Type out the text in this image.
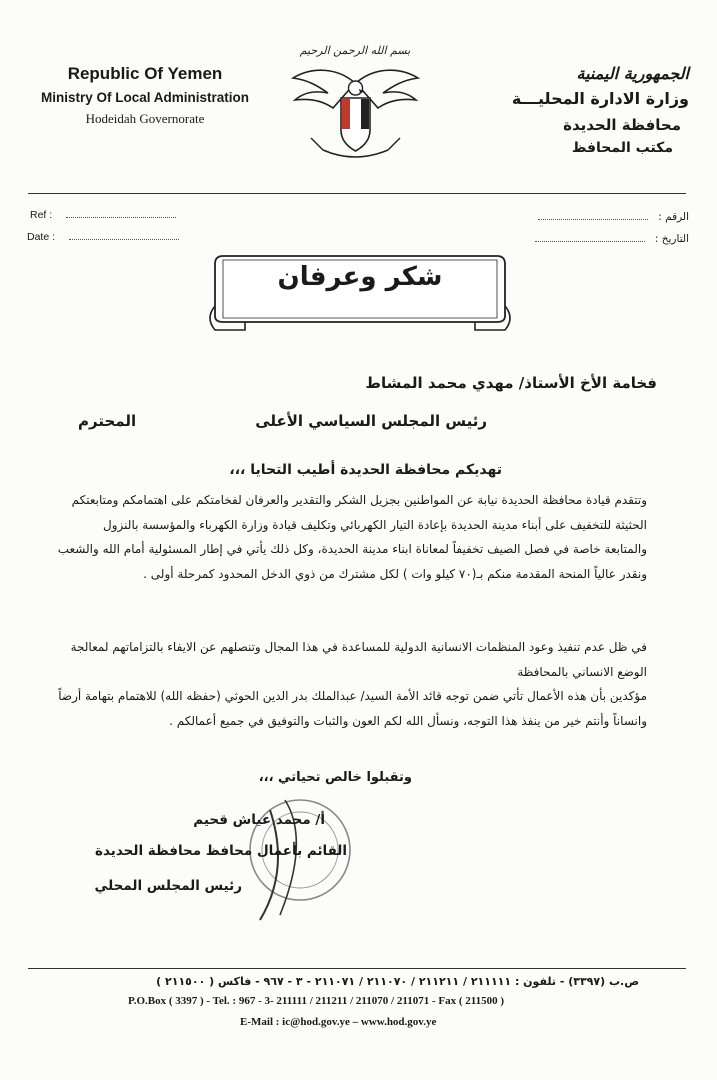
Republic Of Yemen
Ministry Of Local Administration
Hodeidah Governorate
بسم الله الرحمن الرحيم
الجمهورية اليمنية
وزارة الادارة المحليـــة
محافظة الحديدة
مكتب المحافظ
Ref :
Date :
الرقم :
التاريخ :
شكر وعرفان
فخامة الأخ الأستاذ/ مهدي محمد المشاط
رئيس المجلس السياسي الأعلى
المحترم
تهديكم محافظة الحديدة أطيب التحايا ،،،
وتتقدم قيادة محافظة الحديدة نيابة عن المواطنين بجزيل الشكر والتقدير والعرفان لفخامتكم على اهتمامكم ومتابعتكم الحثيثة للتخفيف على أبناء مدينة الحديدة بإعادة التيار الكهربائي وتكليف قيادة وزارة الكهرباء والمؤسسة بالنزول والمتابعة خاصة في فصل الصيف تخفيفاً لمعاناة ابناء مدينة الحديدة، وكل ذلك يأتي في إطار المسئولية أمام الله والشعب ونقدر عالياً المنحة المقدمة منكم بـ(٧٠ كيلو وات ) لكل مشترك من ذوي الدخل المحدود كمرحلة أولى .
في ظل عدم تنفيذ وعود المنظمات الانسانية الدولية للمساعدة في هذا المجال وتنصلهم عن الايفاء بالتزاماتهم لمعالجة الوضع الانساني بالمحافظة
مؤكدين بأن هذه الأعمال تأتي ضمن توجه قائد الأمة السيد/ عبدالملك بدر الدين الحوثي (حفظه الله) للاهتمام بتهامة أرضاً وانساناً وأنتم خير من ينفذ هذا التوجه، ونسأل الله لكم العون والثبات والتوفيق في جميع أعمالكم .
وتقبلوا خالص تحياتي ،،،
أ/ محمد عياش قحيم
القائم بأعمال محافظ محافظة الحديدة
رئيس المجلس المحلي
ص.ب (٣٣٩٧) - تلفون : ٢١١١١١ / ٢١١٢١١ / ٢١١٠٧٠ / ٢١١٠٧١ - ٣ - ٩٦٧ - فاكس ( ٢١١٥٠٠ )
P.O.Box ( 3397 ) - Tel. : 967 - 3- 211111 / 211211 / 211070 / 211071 - Fax ( 211500 )
E-Mail : ic@hod.gov.ye – www.hod.gov.ye
